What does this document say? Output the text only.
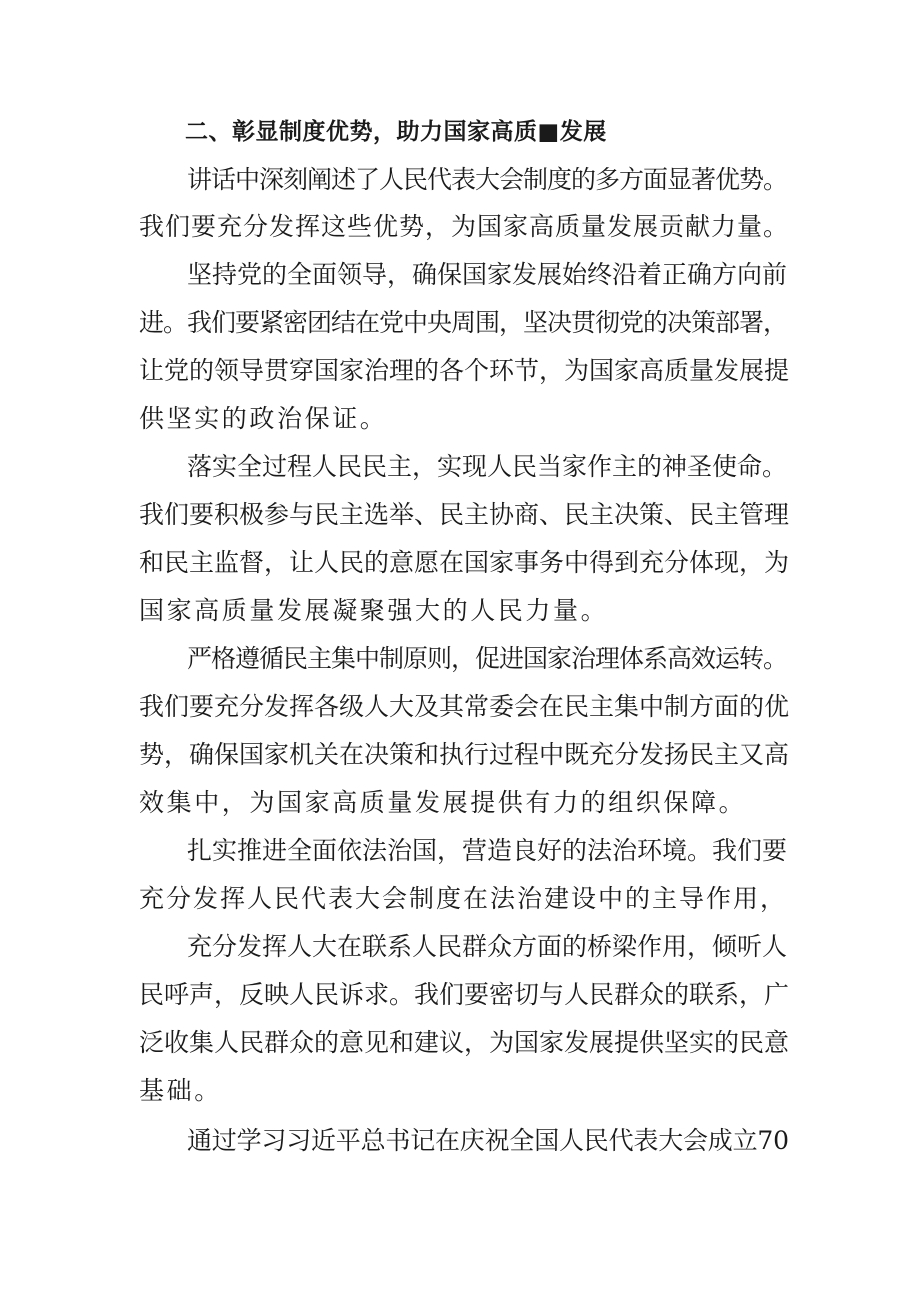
二、彰显制度优势，助力国家高质■发展
讲话中深刻阐述了人民代表大会制度的多方面显著优势。
我们要充分发挥这些优势，为国家高质量发展贡献力量。
坚持党的全面领导，确保国家发展始终沿着正确方向前
进。我们要紧密团结在党中央周围，坚决贯彻党的决策部署，
让党的领导贯穿国家治理的各个环节，为国家高质量发展提
供坚实的政治保证。
落实全过程人民民主，实现人民当家作主的神圣使命。
我们要积极参与民主选举、民主协商、民主决策、民主管理
和民主监督，让人民的意愿在国家事务中得到充分体现，为
国家高质量发展凝聚强大的人民力量。
严格遵循民主集中制原则，促进国家治理体系高效运转。
我们要充分发挥各级人大及其常委会在民主集中制方面的优
势，确保国家机关在决策和执行过程中既充分发扬民主又高
效集中，为国家高质量发展提供有力的组织保障。
扎实推进全面依法治国，营造良好的法治环境。我们要
充分发挥人民代表大会制度在法治建设中的主导作用，
充分发挥人大在联系人民群众方面的桥梁作用，倾听人
民呼声，反映人民诉求。我们要密切与人民群众的联系，广
泛收集人民群众的意见和建议，为国家发展提供坚实的民意
基础。
通过学习习近平总书记在庆祝全国人民代表大会成立70
